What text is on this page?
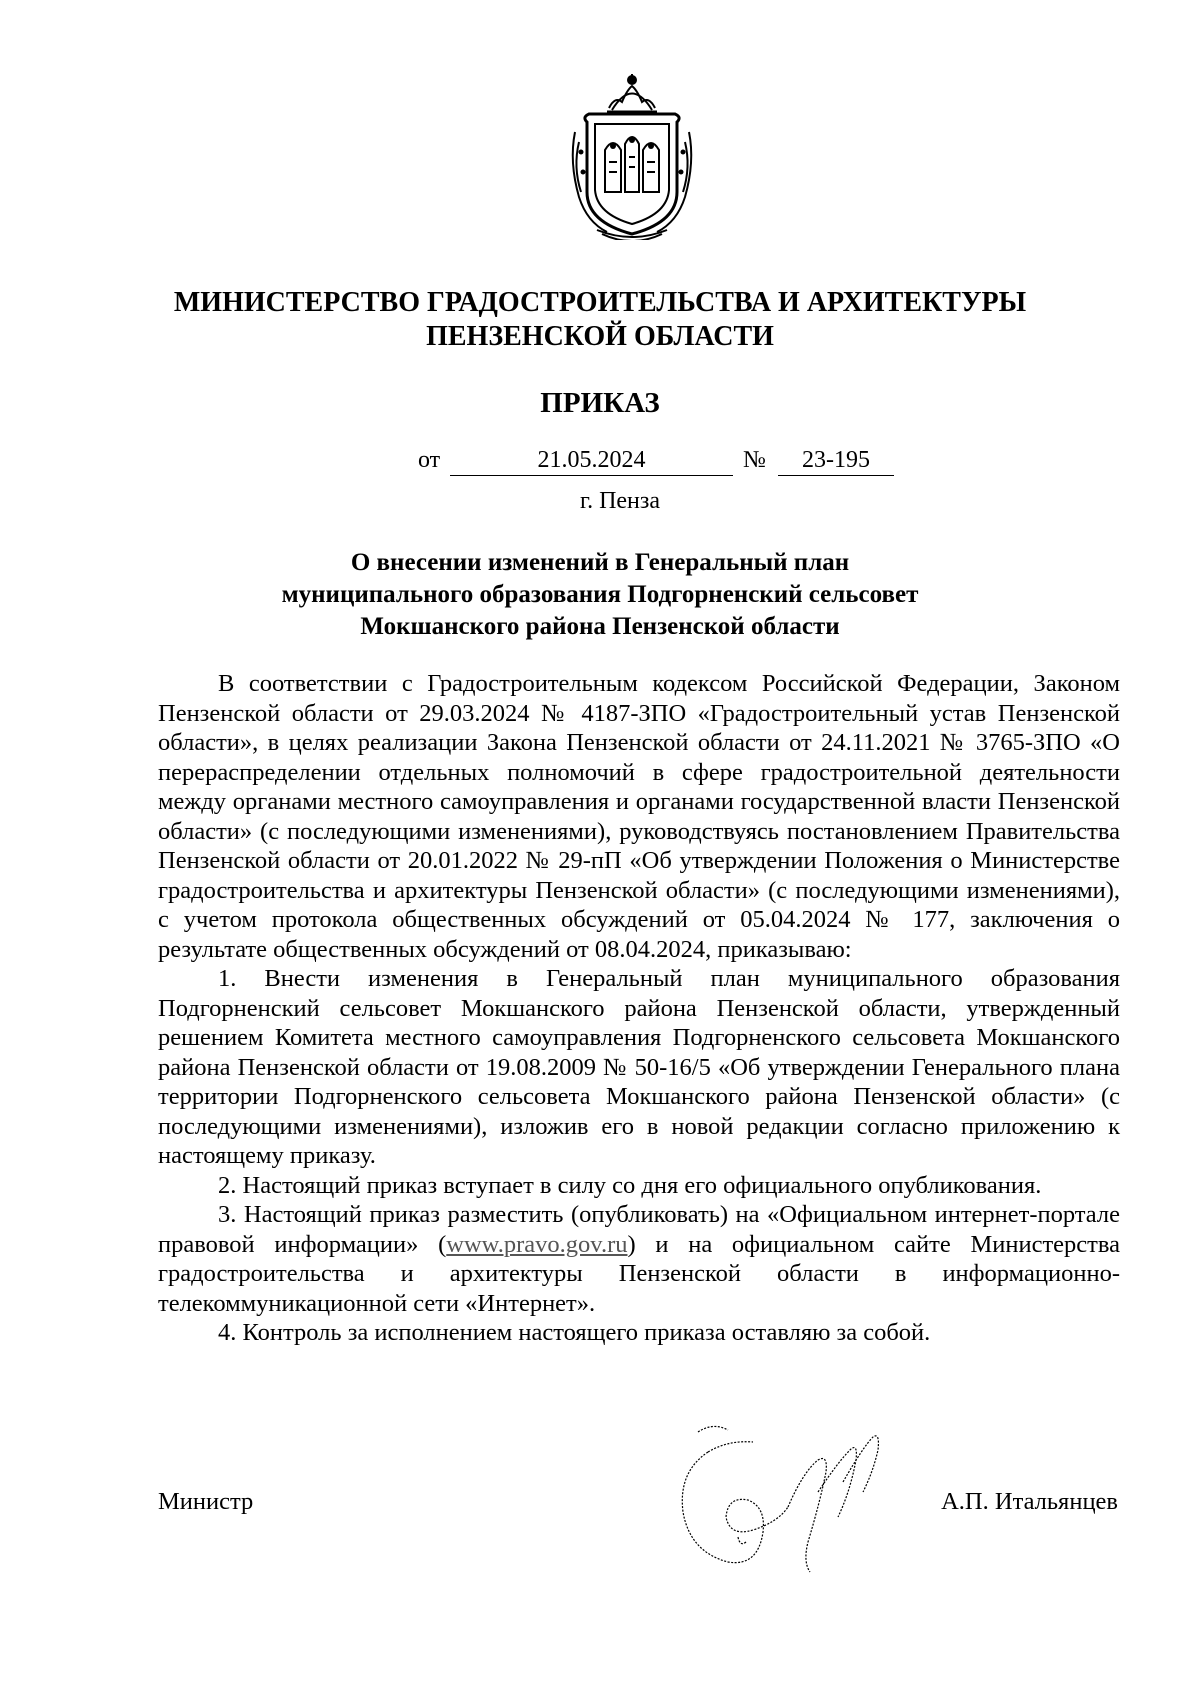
МИНИСТЕРСТВО ГРАДОСТРОИТЕЛЬСТВА И АРХИТЕКТУРЫ
ПЕНЗЕНСКОЙ ОБЛАСТИ
ПРИКАЗ
от	21.05.2024	№	23-195
г. Пенза
О внесении изменений в Генеральный план
муниципального образования Подгорненский сельсовет
Мокшанского района Пензенской области

В соответствии с Градостроительным кодексом Российской Федерации, Законом Пензенской области от 29.03.2024 № 4187-ЗПО «Градостроительный устав Пензенской области», в целях реализации Закона Пензенской области от 24.11.2021 № 3765-ЗПО «О перераспределении отдельных полномочий в сфере градостроительной деятельности между органами местного самоуправления и органами государственной власти Пензенской области» (с последующими изменениями), руководствуясь постановлением Правительства Пензенской области от 20.01.2022 № 29-пП «Об утверждении Положения о Министерстве градостроительства и архитектуры Пензенской области» (с последующими изменениями), с учетом протокола общественных обсуждений от 05.04.2024 № 177, заключения о результате общественных обсуждений от 08.04.2024, приказываю:

1. Внести изменения в Генеральный план муниципального образования Подгорненский сельсовет Мокшанского района Пензенской области, утвержденный решением Комитета местного самоуправления Подгорненского сельсовета Мокшанского района Пензенской области от 19.08.2009 № 50-16/5 «Об утверждении Генерального плана территории Подгорненского сельсовета Мокшанского района Пензенской области» (с последующими изменениями), изложив его в новой редакции согласно приложению к настоящему приказу.

2. Настоящий приказ вступает в силу со дня его официального опубликования.

3. Настоящий приказ разместить (опубликовать) на «Официальном интернет-портале правовой информации» (www.pravo.gov.ru) и на официальном сайте Министерства градостроительства и архитектуры Пензенской области в информационно-телекоммуникационной сети «Интернет».

4. Контроль за исполнением настоящего приказа оставляю за собой.

Министр	А.П. Итальянцев
